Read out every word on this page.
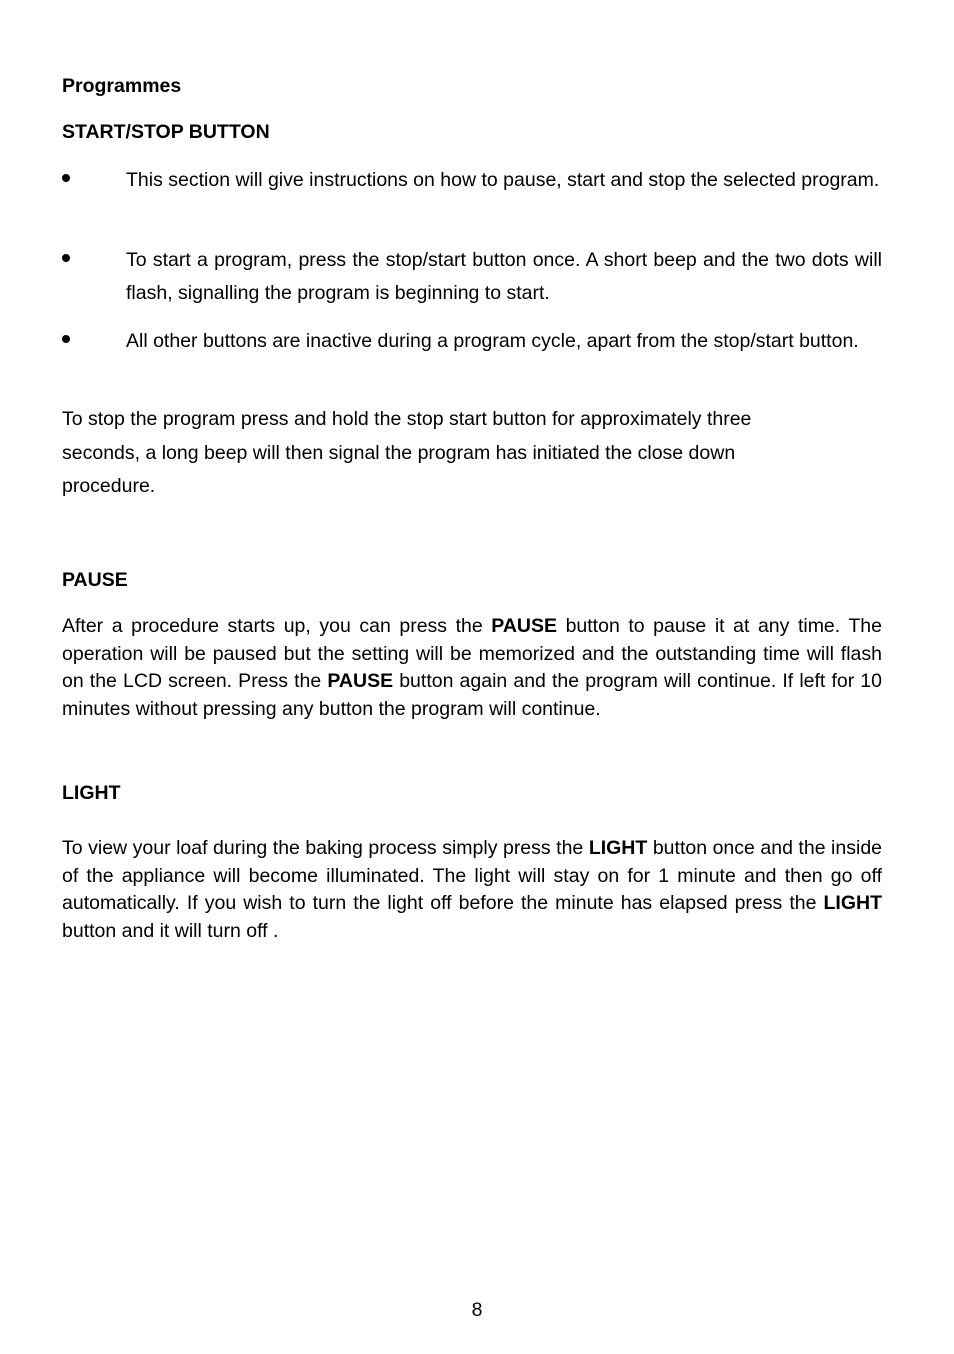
Programmes
START/STOP BUTTON
This section will give instructions on how to pause, start and stop the selected program.
To start a program, press the stop/start button once. A short beep and the two dots will flash, signalling the program is beginning to start.
All other buttons are inactive during a program cycle, apart from the stop/start button.
To stop the program press and hold the stop start button for approximately three seconds, a long beep will then signal the program has initiated the close down procedure.
PAUSE
After a procedure starts up, you can press the PAUSE button to pause it at any time. The operation will be paused but the setting will be memorized and the outstanding time will flash on the LCD screen. Press the PAUSE button again and the program will continue. If left for 10 minutes without pressing any button the program will continue.
LIGHT
To view your loaf during the baking process simply press the LIGHT button once and the inside of the appliance will become illuminated. The light will stay on for 1 minute and then go off automatically. If you wish to turn the light off before the minute has elapsed press the LIGHT button and it will turn off .
8
